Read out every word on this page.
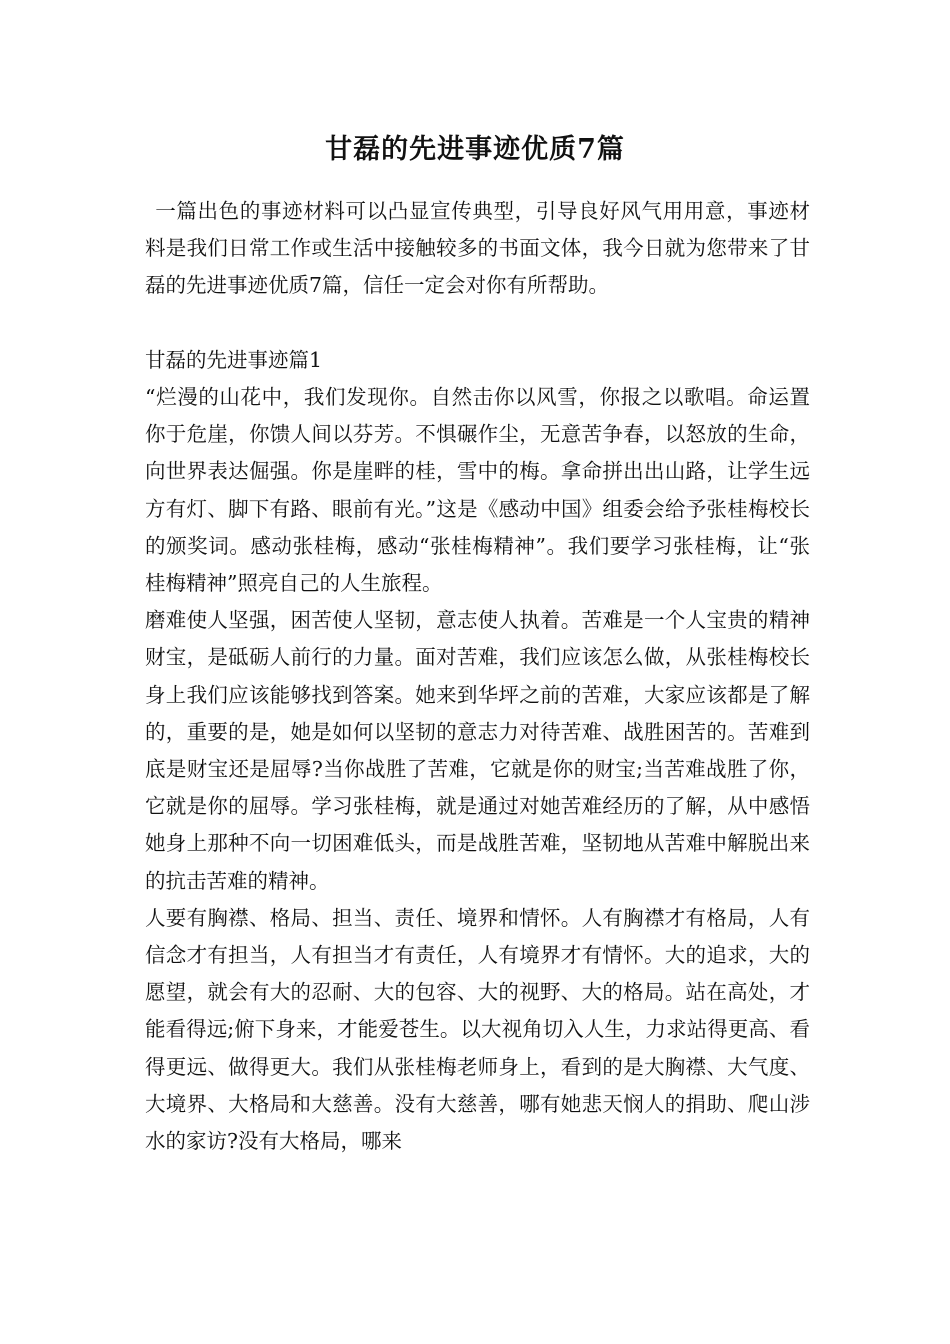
甘磊的先进事迹优质7篇

一篇出色的事迹材料可以凸显宣传典型，引导良好风气用用意，事迹材料是我们日常工作或生活中接触较多的书面文体，我今日就为您带来了甘磊的先进事迹优质7篇，信任一定会对你有所帮助。

甘磊的先进事迹篇1

“烂漫的山花中，我们发现你。自然击你以风雪，你报之以歌唱。命运置你于危崖，你馈人间以芬芳。不惧碾作尘，无意苦争春，以怒放的生命，向世界表达倔强。你是崖畔的桂，雪中的梅。拿命拼出出山路，让学生远方有灯、脚下有路、眼前有光。”这是《感动中国》组委会给予张桂梅校长的颁奖词。感动张桂梅，感动“张桂梅精神”。我们要学习张桂梅，让“张桂梅精神”照亮自己的人生旅程。

磨难使人坚强，困苦使人坚韧，意志使人执着。苦难是一个人宝贵的精神财宝，是砥砺人前行的力量。面对苦难，我们应该怎么做，从张桂梅校长身上我们应该能够找到答案。她来到华坪之前的苦难，大家应该都是了解的，重要的是，她是如何以坚韧的意志力对待苦难、战胜困苦的。苦难到底是财宝还是屈辱?当你战胜了苦难，它就是你的财宝;当苦难战胜了你，它就是你的屈辱。学习张桂梅，就是通过对她苦难经历的了解，从中感悟她身上那种不向一切困难低头，而是战胜苦难，坚韧地从苦难中解脱出来的抗击苦难的精神。

人要有胸襟、格局、担当、责任、境界和情怀。人有胸襟才有格局，人有信念才有担当，人有担当才有责任，人有境界才有情怀。大的追求，大的愿望，就会有大的忍耐、大的包容、大的视野、大的格局。站在高处，才能看得远;俯下身来，才能爱苍生。以大视角切入人生，力求站得更高、看得更远、做得更大。我们从张桂梅老师身上，看到的是大胸襟、大气度、大境界、大格局和大慈善。没有大慈善，哪有她悲天悯人的捐助、爬山涉水的家访?没有大格局，哪来
